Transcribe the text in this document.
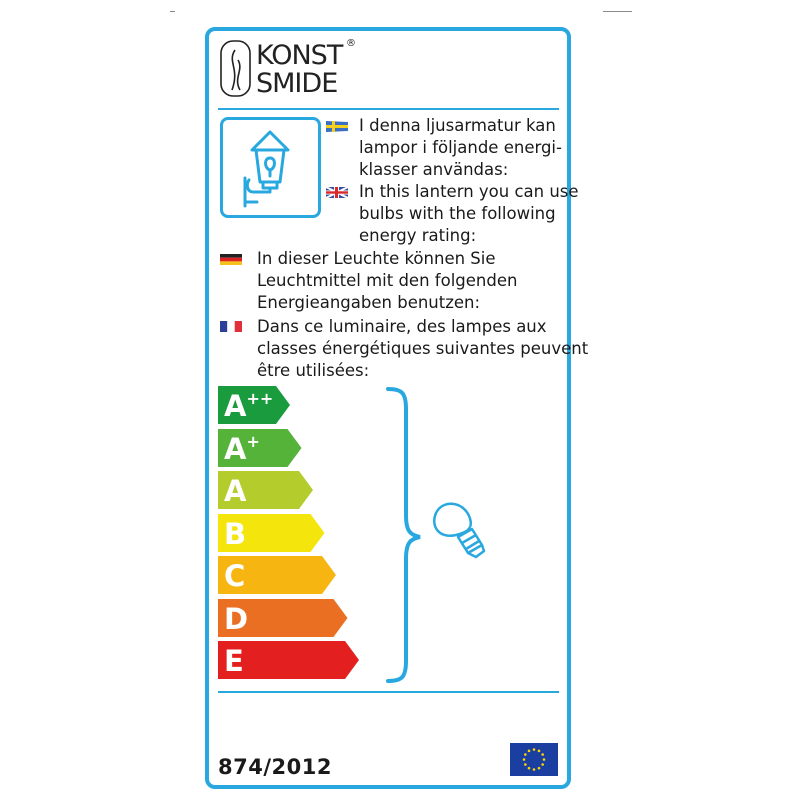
KONST
SMIDE
®
I denna ljusarmatur kan
lampor i följande energi-
klasser användas:
In this lantern you can use
bulbs with the following
energy rating:
In dieser Leuchte können Sie
Leuchtmittel mit den folgenden
Energieangaben benutzen:
Dans ce luminaire, des lampes aux
classes énergétiques suivantes peuvent
être utilisées:
A++
A+
A
B
C
D
E
874/2012
